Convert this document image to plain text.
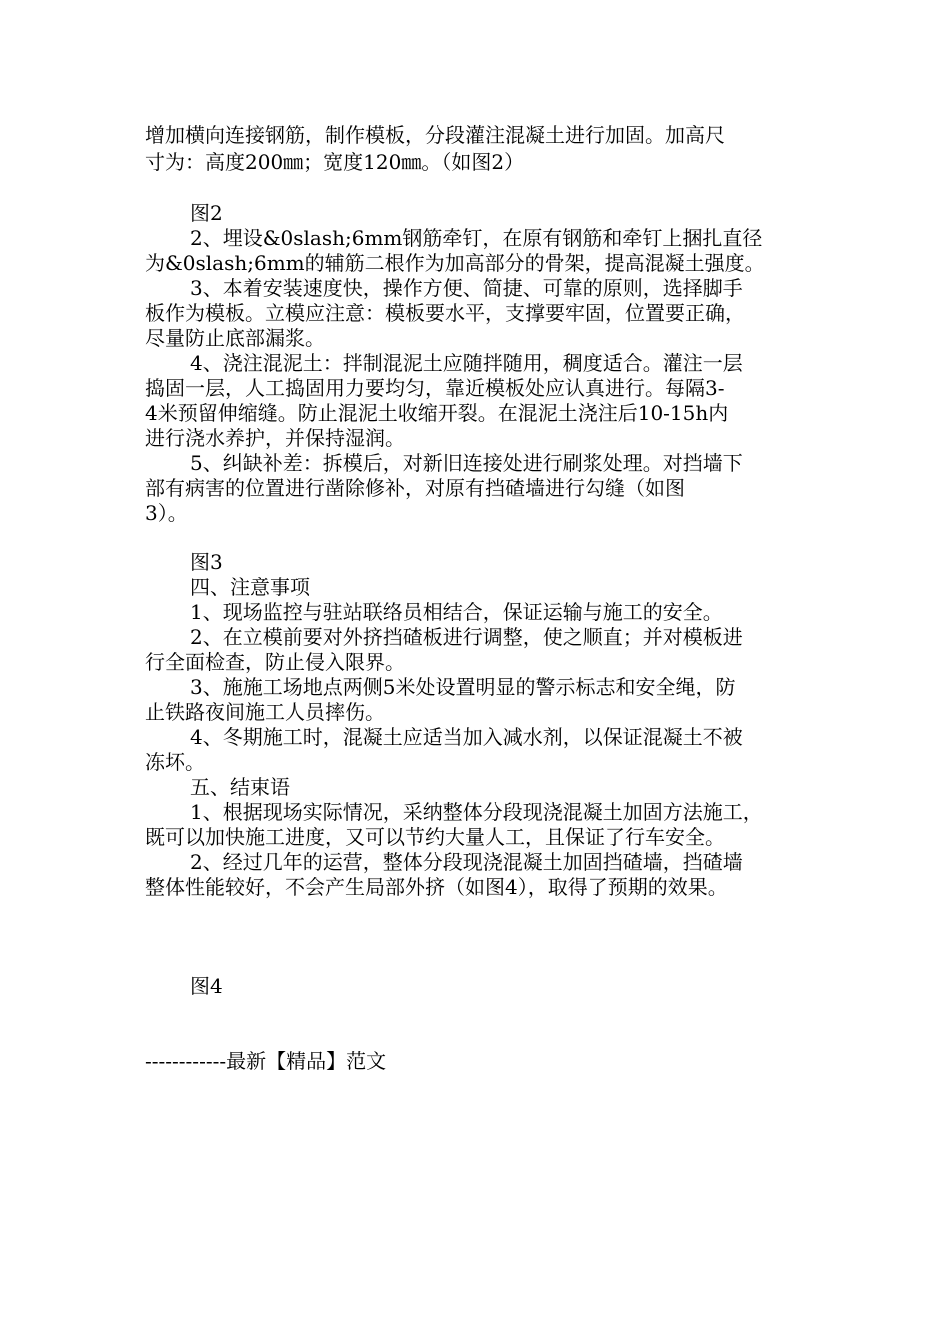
增加横向连接钢筋，制作模板，分段灌注混凝土进行加固。加高尺
寸为：高度200㎜；宽度120㎜。（如图2）
图2
2、埋设&0slash;6mm钢筋牵钉，在原有钢筋和牵钉上捆扎直径
为&0slash;6mm的辅筋二根作为加高部分的骨架，提高混凝土强度。
3、本着安装速度快，操作方便、简捷、可靠的原则，选择脚手
板作为模板。立模应注意：模板要水平，支撑要牢固，位置要正确，
尽量防止底部漏浆。
4、浇注混泥土：拌制混泥土应随拌随用，稠度适合。灌注一层
捣固一层，人工捣固用力要均匀，靠近模板处应认真进行。每隔3-
4米预留伸缩缝。防止混泥土收缩开裂。在混泥土浇注后10-15h内
进行浇水养护，并保持湿润。
5、纠缺补差：拆模后，对新旧连接处进行刷浆处理。对挡墙下
部有病害的位置进行凿除修补，对原有挡碴墙进行勾缝（如图
3）。
图3
四、注意事项
1、现场监控与驻站联络员相结合，保证运输与施工的安全。
2、在立模前要对外挤挡碴板进行调整，使之顺直；并对模板进
行全面检查，防止侵入限界。
3、施施工场地点两侧5米处设置明显的警示标志和安全绳，防
止铁路夜间施工人员摔伤。
4、冬期施工时，混凝土应适当加入减水剂，以保证混凝土不被
冻坏。
五、结束语
1、根据现场实际情况，采纳整体分段现浇混凝土加固方法施工，
既可以加快施工进度，又可以节约大量人工，且保证了行车安全。
2、经过几年的运营，整体分段现浇混凝土加固挡碴墙，挡碴墙
整体性能较好，不会产生局部外挤（如图4），取得了预期的效果。
图4
------------最新【精品】范文
